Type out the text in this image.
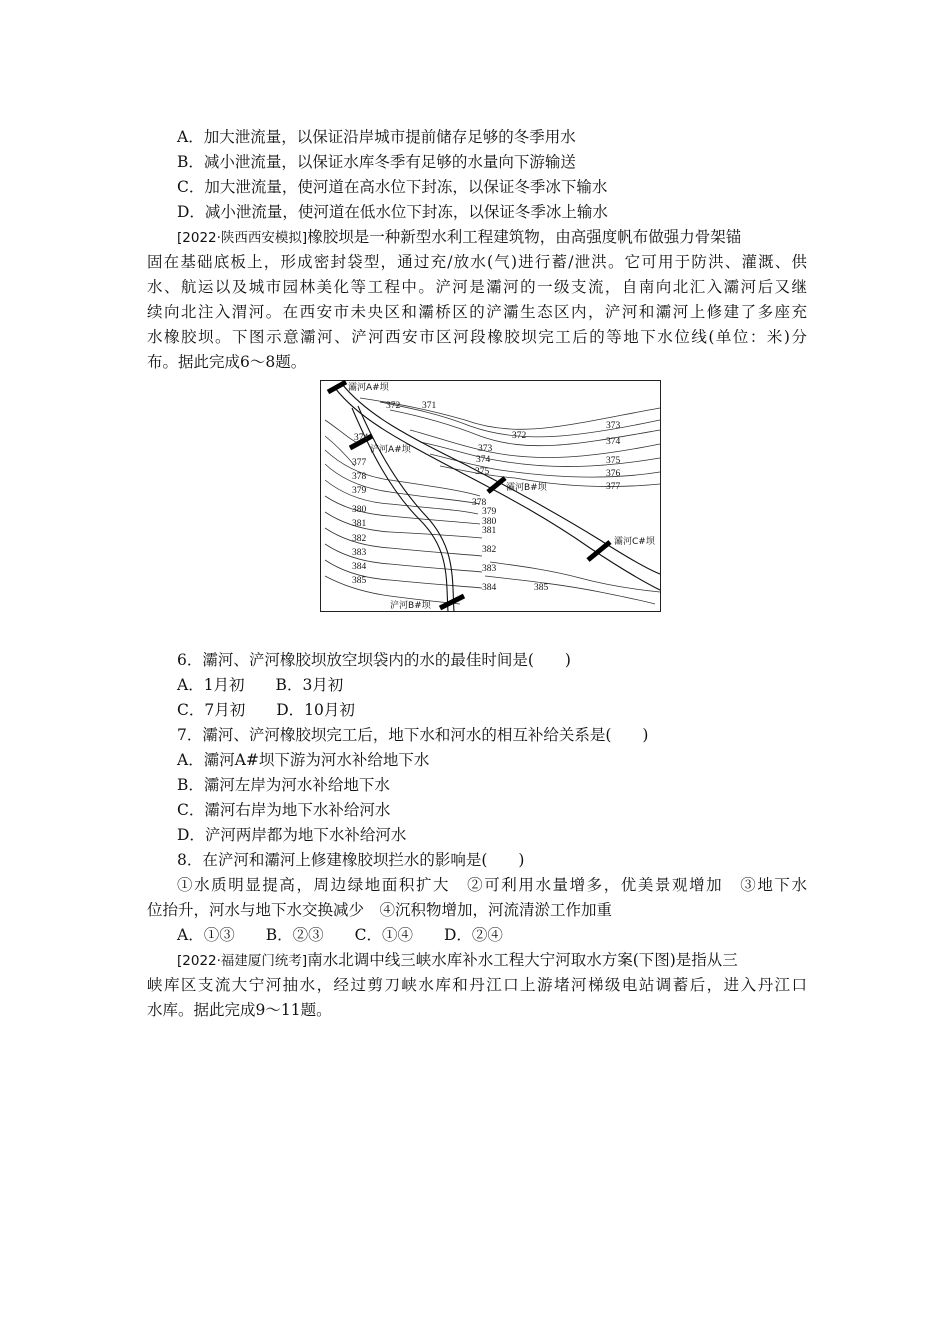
A．加大泄流量，以保证沿岸城市提前储存足够的冬季用水
B．减小泄流量，以保证水库冬季有足够的水量向下游输送
C．加大泄流量，使河道在高水位下封冻，以保证冬季冰下输水
D．减小泄流量，使河道在低水位下封冻，以保证冬季冰上输水
[2022·陕西西安模拟]橡胶坝是一种新型水利工程建筑物，由高强度帆布做强力骨架锚
固在基础底板上，形成密封袋型，通过充/放水(气)进行蓄/泄洪。它可用于防洪、灌溉、供
水、航运以及城市园林美化等工程中。浐河是灞河的一级支流，自南向北汇入灞河后又继
续向北注入渭河。在西安市未央区和灞桥区的浐灞生态区内，浐河和灞河上修建了多座充
水橡胶坝。下图示意灞河、浐河西安市区河段橡胶坝完工后的等地下水位线(单位：米)分
布。据此完成6～8题。
灞河A#坝
浐河A#坝
灞河B#坝
灞河C#坝
浐河B#坝
372 371
374	372
373
374
373
374
375
375
376
377
377
378
379
378
379
380
380
381
381
382
382
383
383
384
384
385
385
6．灞河、浐河橡胶坝放空坝袋内的水的最佳时间是(　　)
A．1月初　　B．3月初
C．7月初　　D．10月初
7．灞河、浐河橡胶坝完工后，地下水和河水的相互补给关系是(　　)
A．灞河A#坝下游为河水补给地下水
B．灞河左岸为河水补给地下水
C．灞河右岸为地下水补给河水
D．浐河两岸都为地下水补给河水
8．在浐河和灞河上修建橡胶坝拦水的影响是(　　)
①水质明显提高，周边绿地面积扩大　②可利用水量增多，优美景观增加　③地下水
位抬升，河水与地下水交换减少　④沉积物增加，河流清淤工作加重
A．①③　　B．②③　　C．①④　　D．②④
[2022·福建厦门统考]南水北调中线三峡水库补水工程大宁河取水方案(下图)是指从三
峡库区支流大宁河抽水，经过剪刀峡水库和丹江口上游堵河梯级电站调蓄后，进入丹江口
水库。据此完成9～11题。
